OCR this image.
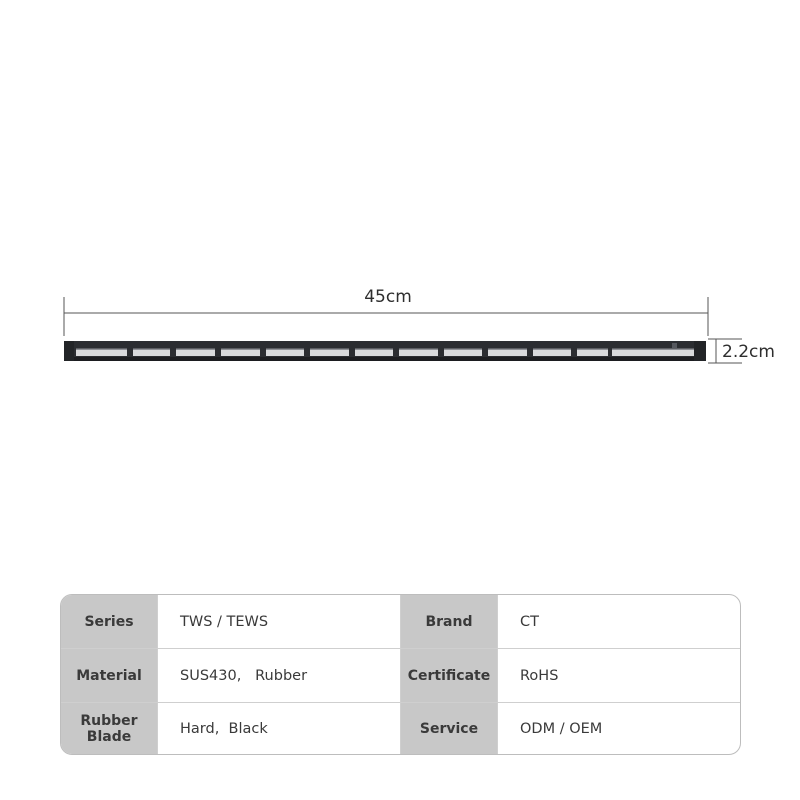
45cm
2.2cm
Series	TWS / TEWS	Brand	CT
Material	SUS430,   Rubber	Certificate	RoHS
Rubber Blade	Hard,  Black	Service	ODM / OEM
